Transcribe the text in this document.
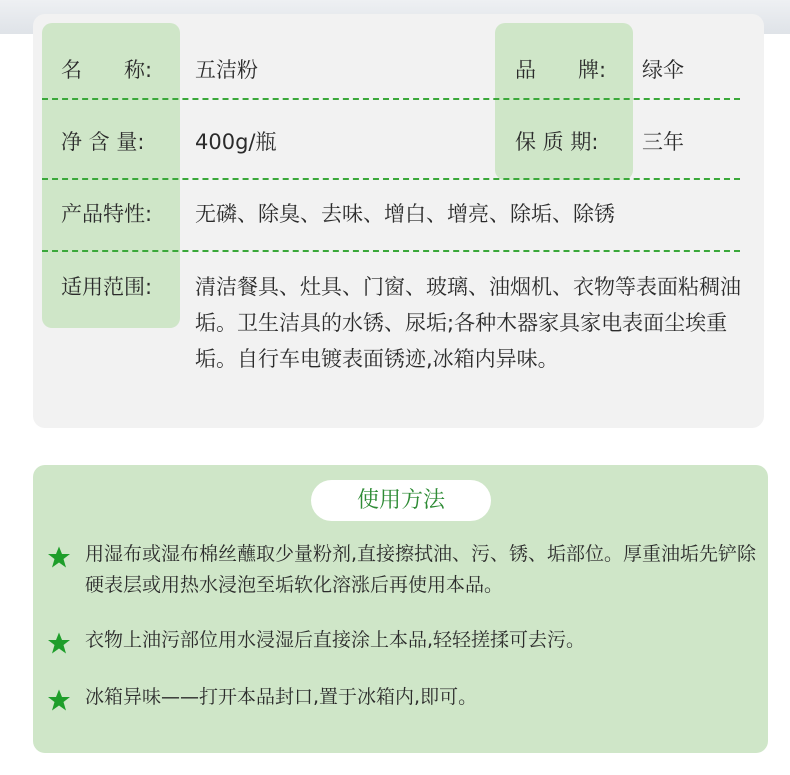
名　　称: 五洁粉	品　　牌: 绿伞
净 含 量: 400g/瓶	保 质 期: 三年
产品特性: 无磷、除臭、去味、增白、增亮、除垢、除锈
适用范围: 清洁餐具、灶具、门窗、玻璃、油烟机、衣物等表面粘稠油垢。卫生洁具的水锈、尿垢;各种木器家具家电表面尘埃重垢。自行车电镀表面锈迹,冰箱内异味。
使用方法
用湿布或湿布棉丝蘸取少量粉剂,直接擦拭油、污、锈、垢部位。厚重油垢先铲除硬表层或用热水浸泡至垢软化溶涨后再使用本品。
衣物上油污部位用水浸湿后直接涂上本品,轻轻搓揉可去污。
冰箱异味——打开本品封口,置于冰箱内,即可。
